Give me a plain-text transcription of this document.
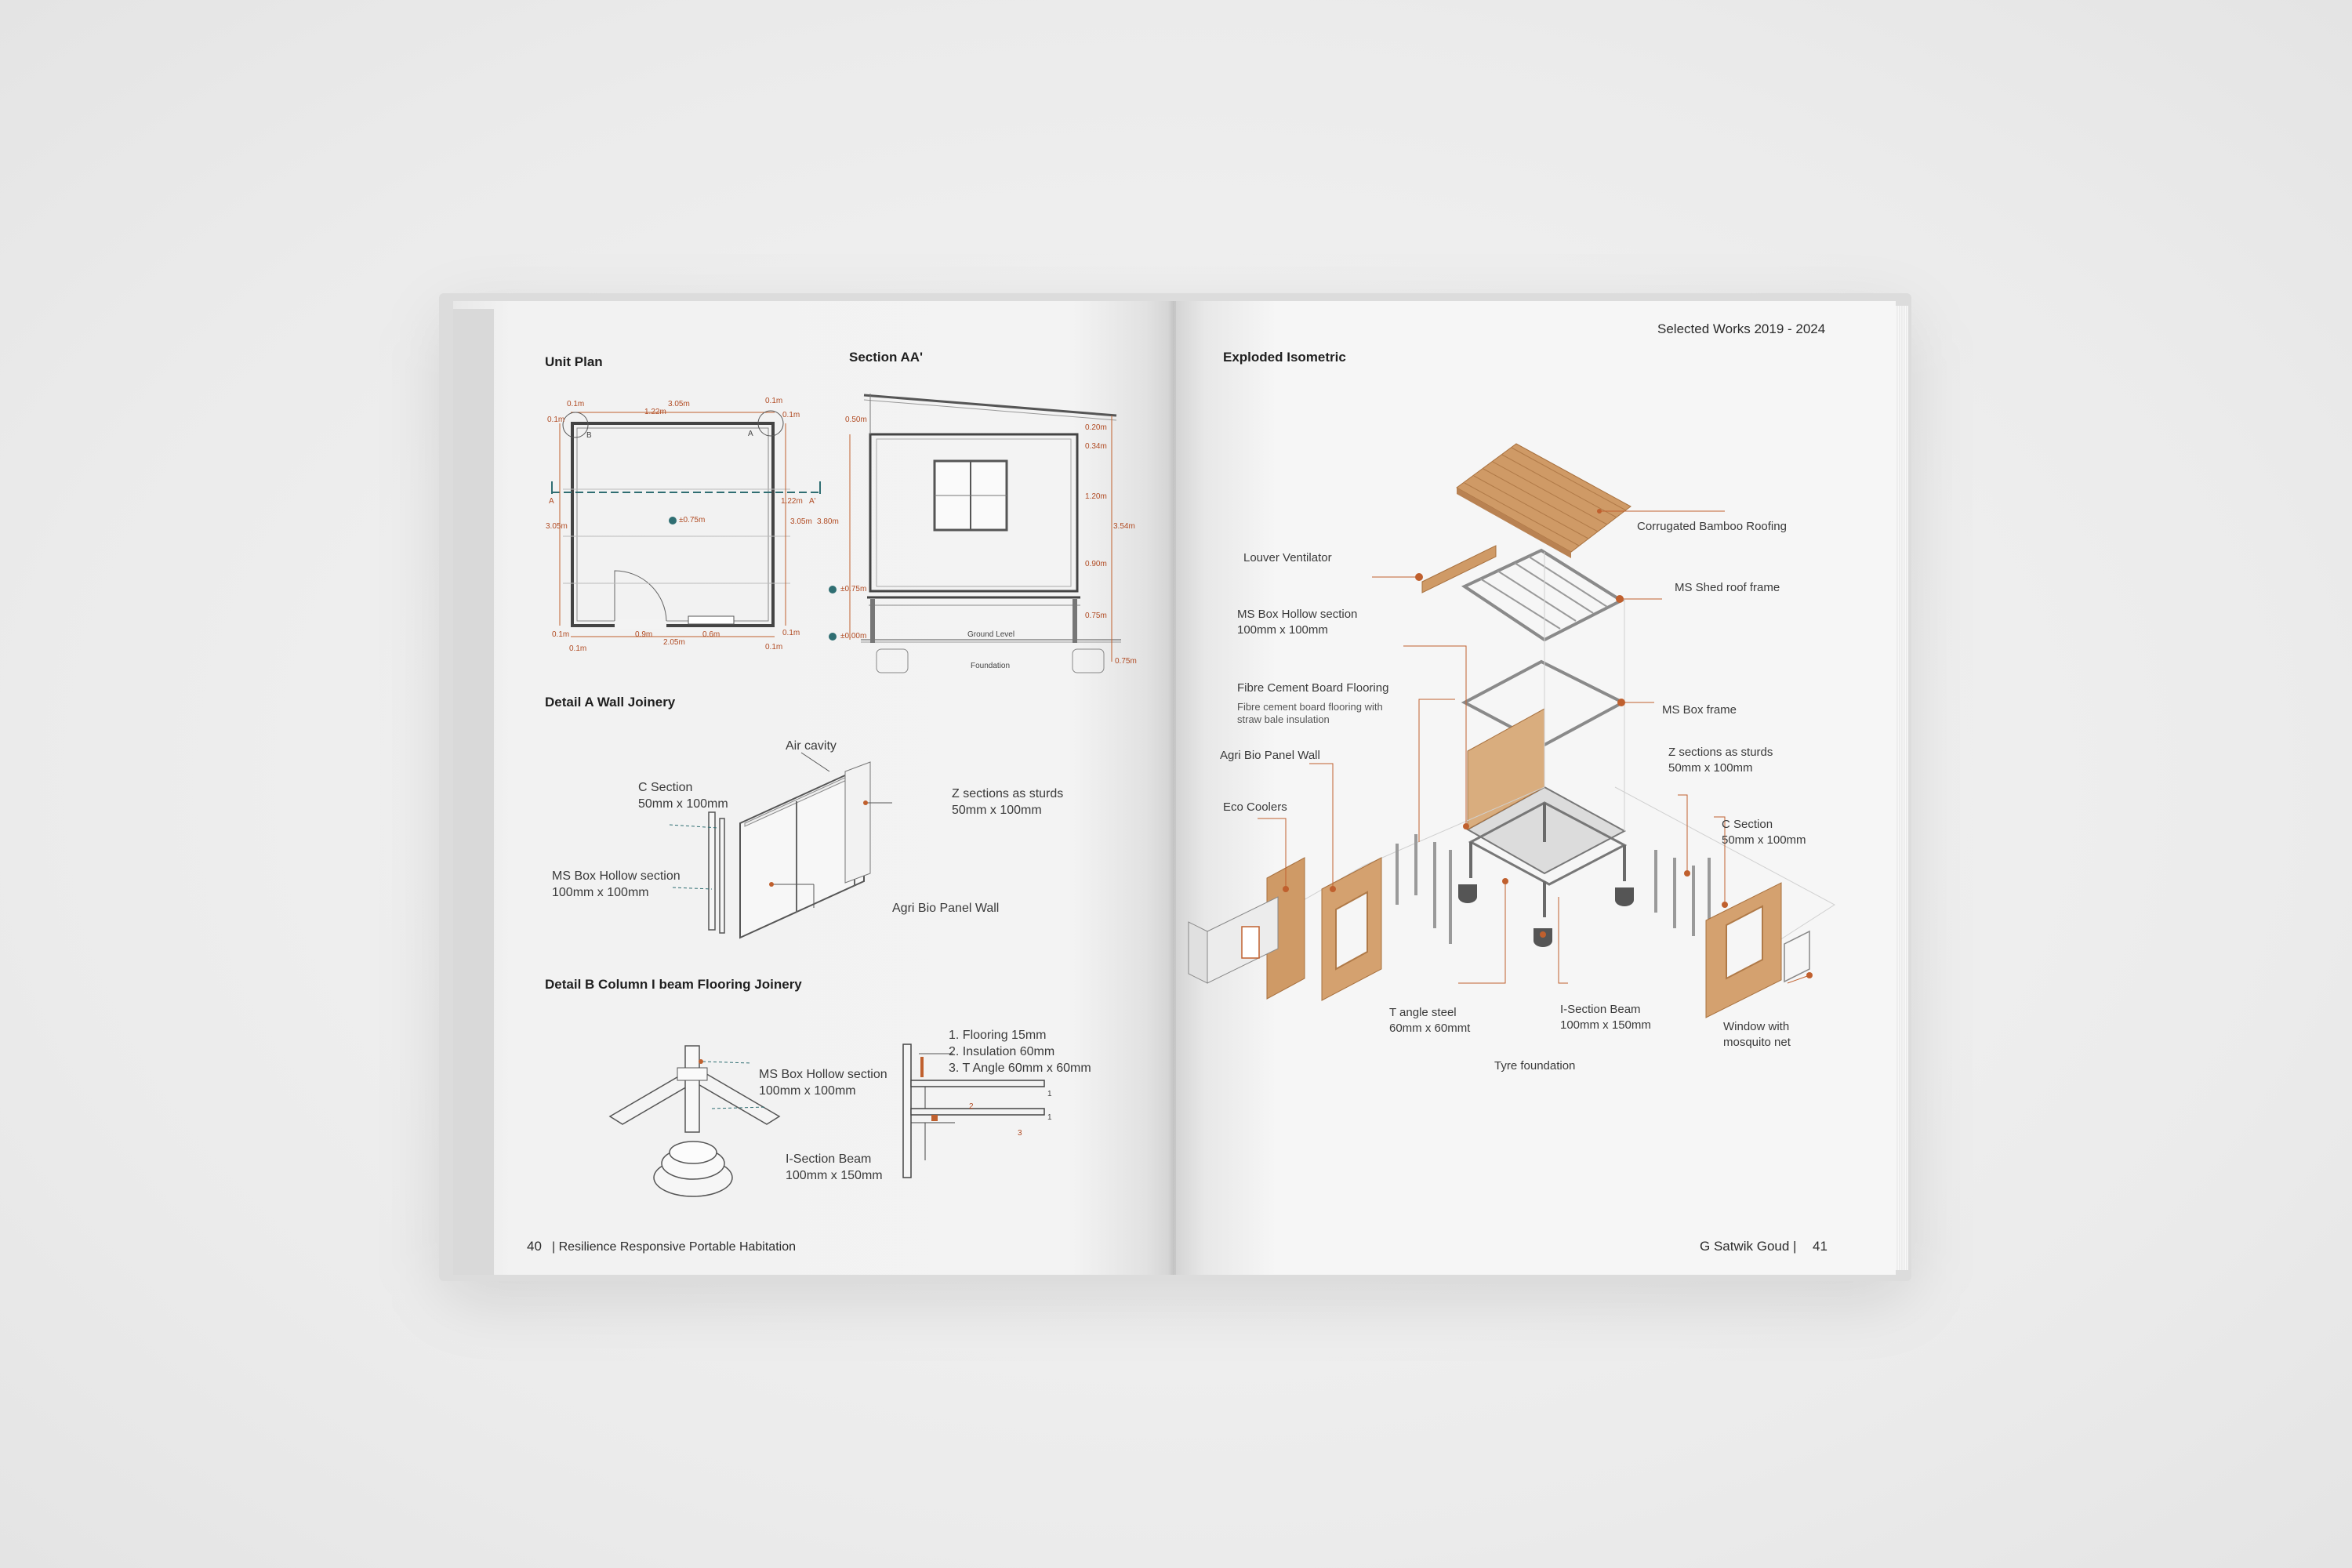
Unit Plan	Section AA'
0.1m	3.05m
1.22m
0.1m
0.1m
0.1m
3.05m
1.22m
3.05m
0.1m	0.9m	0.6m
2.05m
0.1m
0.1m
0.1m
B	A
A	A'
±0.75m
0.50m
0.20m
0.34m
1.20m
3.54m
0.90m
3.80m
0.75m
0.75m
±0.75m
±0.00m	Ground Level
Foundation
Detail A Wall Joinery
Air cavity
C Section
50mm x 100mm
Z sections as sturds
50mm x 100mm
MS Box Hollow section
100mm x 100mm
Agri Bio Panel Wall
Detail B Column I beam Flooring Joinery
MS Box Hollow section
100mm x 100mm
I-Section Beam
100mm x 150mm
1. Flooring 15mm
2. Insulation 60mm
3. T Angle 60mm x 60mm
1
2
1
3
40 | Resilience Responsive Portable Habitation
Selected Works 2019 - 2024
Exploded Isometric
Corrugated Bamboo Roofing
Louver Ventilator
MS Shed roof frame
MS Box Hollow section
100mm x 100mm
Fibre Cement Board Flooring
Fibre cement board flooring with
straw bale insulation
MS Box frame
Agri Bio Panel Wall	Z sections as sturds
50mm x 100mm
Eco Coolers
C Section
50mm x 100mm
T angle steel
60mm x 60mmt
I-Section Beam
100mm x 150mm	Window with
mosquito net
Tyre foundation
G Satwik Goud | 41
